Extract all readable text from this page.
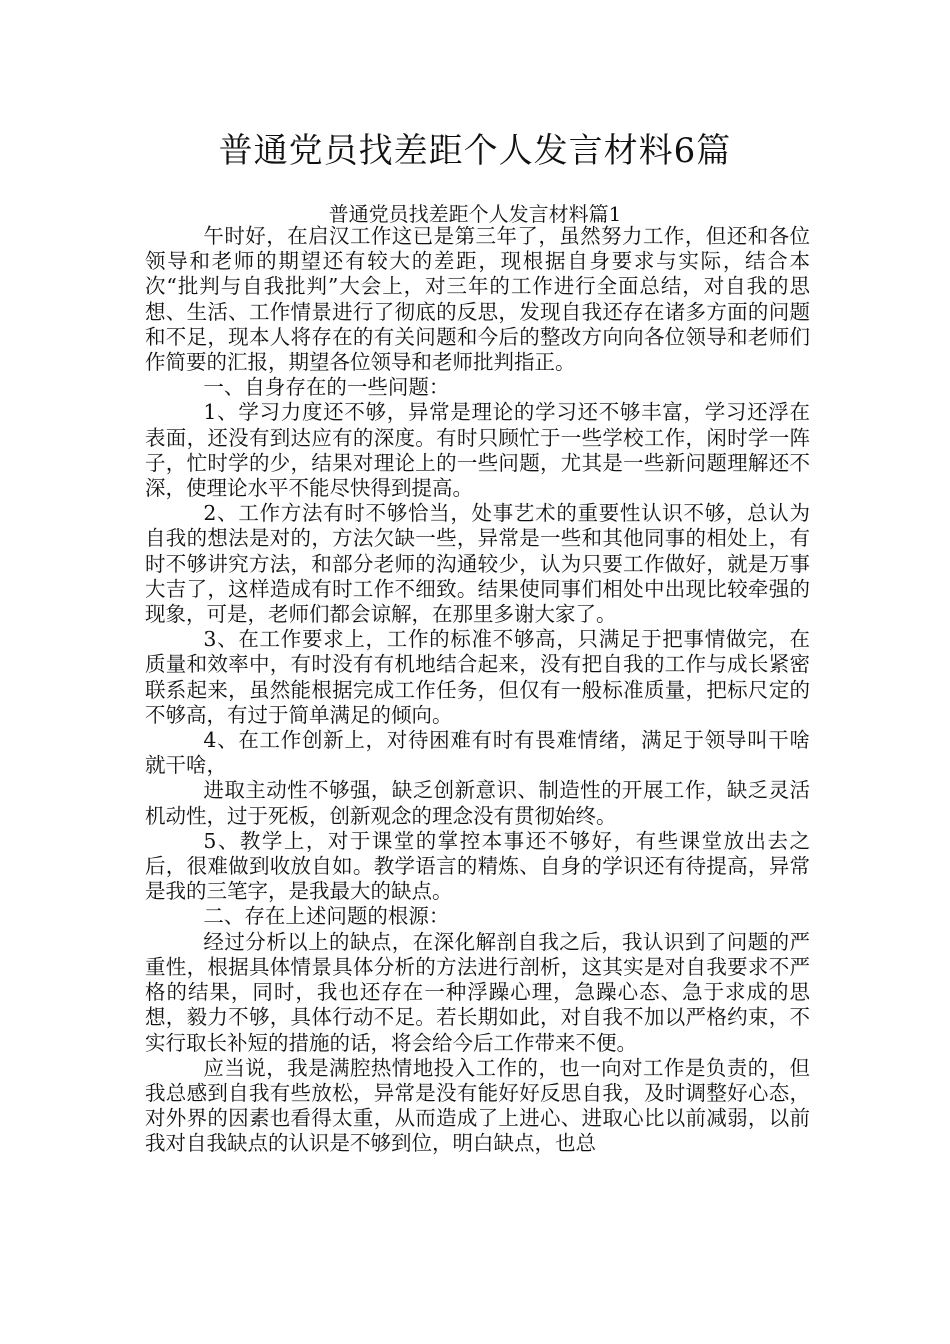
普通党员找差距个人发言材料6篇
普通党员找差距个人发言材料篇1

午时好，在启汉工作这已是第三年了，虽然努力工作，但还和各位领导和老师的期望还有较大的差距，现根据自身要求与实际，结合本次“批判与自我批判”大会上，对三年的工作进行全面总结，对自我的思想、生活、工作情景进行了彻底的反思，发现自我还存在诸多方面的问题和不足，现本人将存在的有关问题和今后的整改方向向各位领导和老师们作简要的汇报，期望各位领导和老师批判指正。

一、自身存在的一些问题：

1、学习力度还不够，异常是理论的学习还不够丰富，学习还浮在表面，还没有到达应有的深度。有时只顾忙于一些学校工作，闲时学一阵子，忙时学的少，结果对理论上的一些问题，尤其是一些新问题理解还不深，使理论水平不能尽快得到提高。

2、工作方法有时不够恰当，处事艺术的重要性认识不够，总认为自我的想法是对的，方法欠缺一些，异常是一些和其他同事的相处上，有时不够讲究方法，和部分老师的沟通较少，认为只要工作做好，就是万事大吉了，这样造成有时工作不细致。结果使同事们相处中出现比较牵强的现象，可是，老师们都会谅解，在那里多谢大家了。

3、在工作要求上，工作的标准不够高，只满足于把事情做完，在质量和效率中，有时没有有机地结合起来，没有把自我的工作与成长紧密联系起来，虽然能根据完成工作任务，但仅有一般标准质量，把标尺定的不够高，有过于简单满足的倾向。

4、在工作创新上，对待困难有时有畏难情绪，满足于领导叫干啥就干啥，

进取主动性不够强，缺乏创新意识、制造性的开展工作，缺乏灵活机动性，过于死板，创新观念的理念没有贯彻始终。

5、教学上，对于课堂的掌控本事还不够好，有些课堂放出去之后，很难做到收放自如。教学语言的精炼、自身的学识还有待提高，异常是我的三笔字，是我最大的缺点。

二、存在上述问题的根源：

经过分析以上的缺点，在深化解剖自我之后，我认识到了问题的严重性，根据具体情景具体分析的方法进行剖析，这其实是对自我要求不严格的结果，同时，我也还存在一种浮躁心理，急躁心态、急于求成的思想，毅力不够，具体行动不足。若长期如此，对自我不加以严格约束，不实行取长补短的措施的话，将会给今后工作带来不便。

应当说，我是满腔热情地投入工作的，也一向对工作是负责的，但我总感到自我有些放松，异常是没有能好好反思自我，及时调整好心态，对外界的因素也看得太重，从而造成了上进心、进取心比以前减弱，以前我对自我缺点的认识是不够到位，明白缺点，也总
